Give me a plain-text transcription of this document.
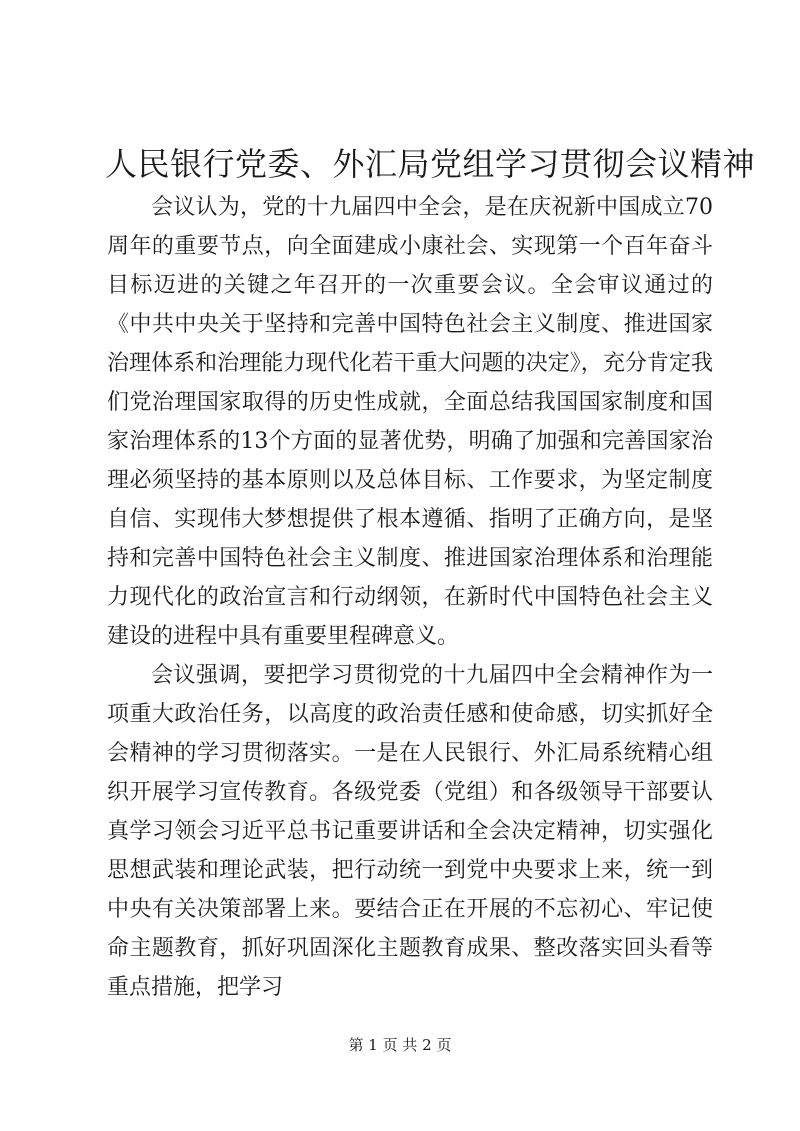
人民银行党委、外汇局党组学习贯彻会议精神

会议认为，党的十九届四中全会，是在庆祝新中国成立70周年的重要节点，向全面建成小康社会、实现第一个百年奋斗目标迈进的关键之年召开的一次重要会议。全会审议通过的《中共中央关于坚持和完善中国特色社会主义制度、推进国家治理体系和治理能力现代化若干重大问题的决定》，充分肯定我们党治理国家取得的历史性成就，全面总结我国国家制度和国家治理体系的13个方面的显著优势，明确了加强和完善国家治理必须坚持的基本原则以及总体目标、工作要求，为坚定制度自信、实现伟大梦想提供了根本遵循、指明了正确方向，是坚持和完善中国特色社会主义制度、推进国家治理体系和治理能力现代化的政治宣言和行动纲领，在新时代中国特色社会主义建设的进程中具有重要里程碑意义。

会议强调，要把学习贯彻党的十九届四中全会精神作为一项重大政治任务，以高度的政治责任感和使命感，切实抓好全会精神的学习贯彻落实。一是在人民银行、外汇局系统精心组织开展学习宣传教育。各级党委（党组）和各级领导干部要认真学习领会习近平总书记重要讲话和全会决定精神，切实强化思想武装和理论武装，把行动统一到党中央要求上来，统一到中央有关决策部署上来。要结合正在开展的不忘初心、牢记使命主题教育，抓好巩固深化主题教育成果、整改落实回头看等重点措施，把学习

第 1 页 共 2 页
